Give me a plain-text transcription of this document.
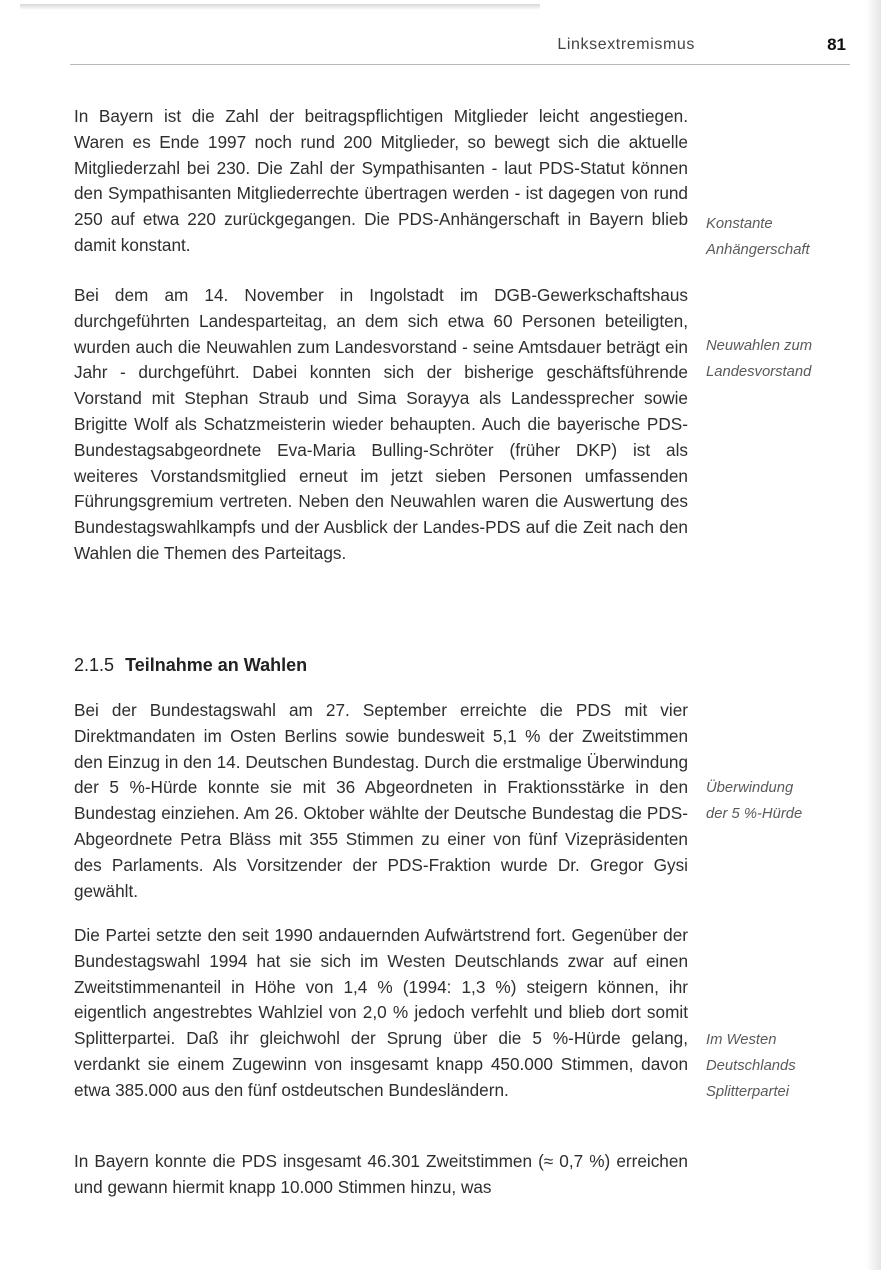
Linksextremismus	81

In Bayern ist die Zahl der beitragspflichtigen Mitglieder leicht angestiegen. Waren es Ende 1997 noch rund 200 Mitglieder, so bewegt sich die aktuelle Mitgliederzahl bei 230. Die Zahl der Sympathisanten - laut PDS-Statut können den Sympathisanten Mitgliederrechte übertragen werden - ist dagegen von rund 250 auf etwa 220 zurückgegangen. Die PDS-Anhängerschaft in Bayern blieb damit konstant.

Bei dem am 14. November in Ingolstadt im DGB-Gewerkschaftshaus durchgeführten Landesparteitag, an dem sich etwa 60 Personen beteiligten, wurden auch die Neuwahlen zum Landesvorstand - seine Amtsdauer beträgt ein Jahr - durchgeführt. Dabei konnten sich der bisherige geschäftsführende Vorstand mit Stephan Straub und Sima Sorayya als Landessprecher sowie Brigitte Wolf als Schatzmeisterin wieder behaupten. Auch die bayerische PDS-Bundestagsabgeordnete Eva-Maria Bulling-Schröter (früher DKP) ist als weiteres Vorstandsmitglied erneut im jetzt sieben Personen umfassenden Führungsgremium vertreten. Neben den Neuwahlen waren die Auswertung des Bundestagswahlkampfs und der Ausblick der Landes-PDS auf die Zeit nach den Wahlen die Themen des Parteitags.

2.1.5 Teilnahme an Wahlen

Bei der Bundestagswahl am 27. September erreichte die PDS mit vier Direktmandaten im Osten Berlins sowie bundesweit 5,1 % der Zweitstimmen den Einzug in den 14. Deutschen Bundestag. Durch die erstmalige Überwindung der 5 %-Hürde konnte sie mit 36 Abgeordneten in Fraktionsstärke in den Bundestag einziehen. Am 26. Oktober wählte der Deutsche Bundestag die PDS-Abgeordnete Petra Bläss mit 355 Stimmen zu einer von fünf Vizepräsidenten des Parlaments. Als Vorsitzender der PDS-Fraktion wurde Dr. Gregor Gysi gewählt.

Die Partei setzte den seit 1990 andauernden Aufwärtstrend fort. Gegenüber der Bundestagswahl 1994 hat sie sich im Westen Deutschlands zwar auf einen Zweitstimmenanteil in Höhe von 1,4 % (1994: 1,3 %) steigern können, ihr eigentlich angestrebtes Wahlziel von 2,0 % jedoch verfehlt und blieb dort somit Splitterpartei. Daß ihr gleichwohl der Sprung über die 5 %-Hürde gelang, verdankt sie einem Zugewinn von insgesamt knapp 450.000 Stimmen, davon etwa 385.000 aus den fünf ostdeutschen Bundesländern.

In Bayern konnte die PDS insgesamt 46.301 Zweitstimmen (≈ 0,7 %) erreichen und gewann hiermit knapp 10.000 Stimmen hinzu, was

Konstante
Anhängerschaft
Neuwahlen zum
Landesvorstand
Überwindung
der 5 %-Hürde
Im Westen
Deutschlands
Splitterpartei
